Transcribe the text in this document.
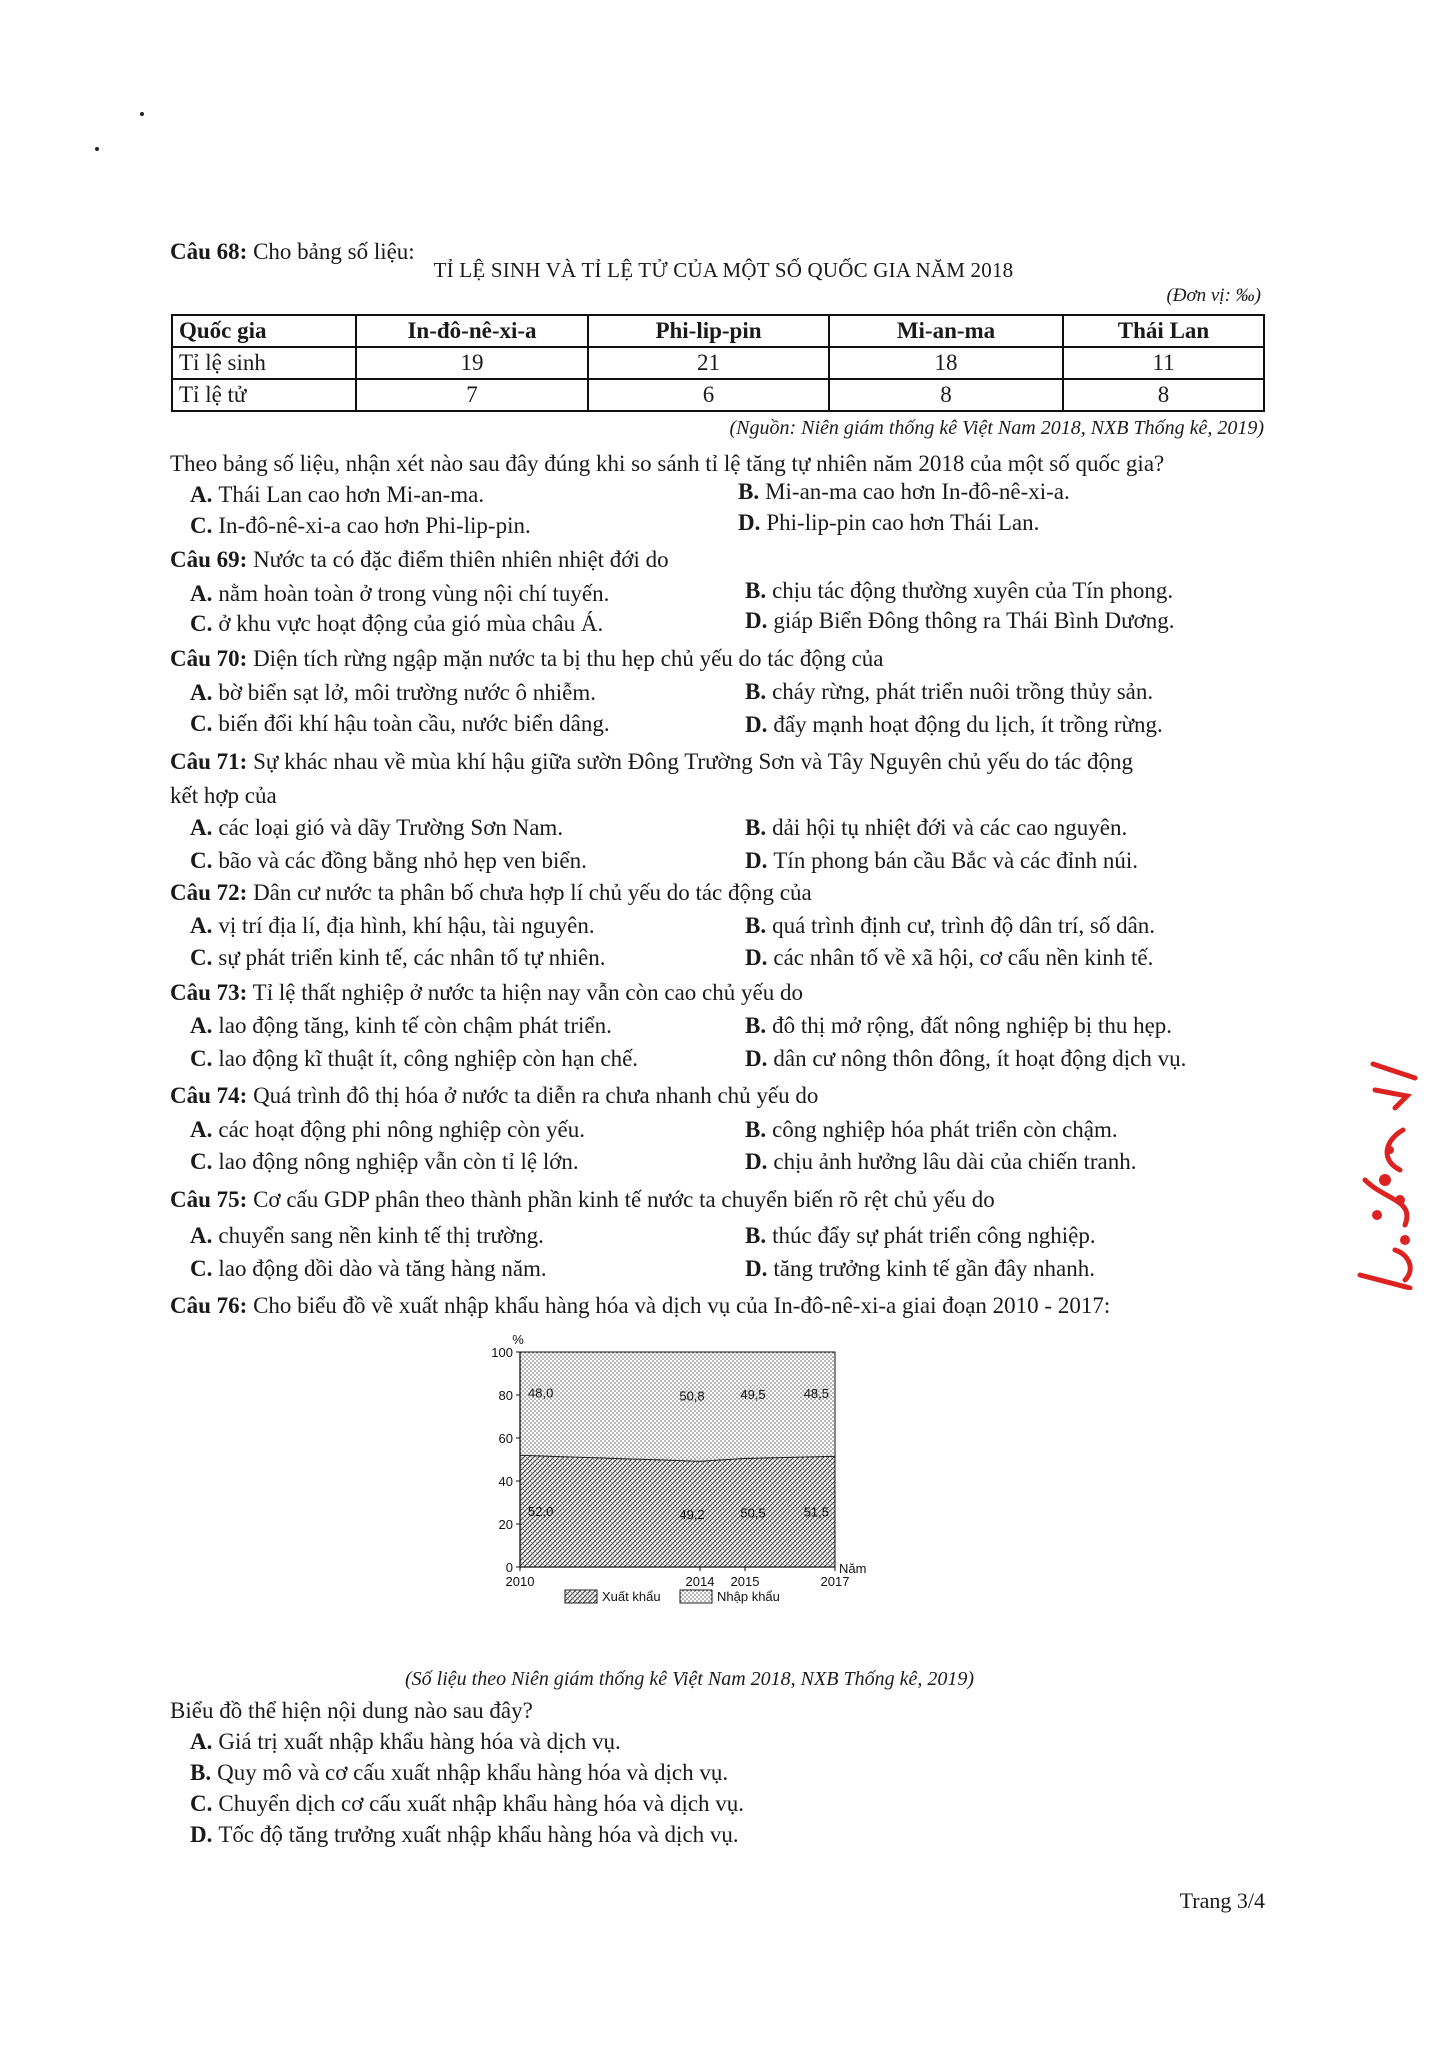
Câu 68: Cho bảng số liệu:
TỈ LỆ SINH VÀ TỈ LỆ TỬ CỦA MỘT SỐ QUỐC GIA NĂM 2018
(Đơn vị: ‰)
Quốc gia	In-đô-nê-xi-a	Phi-lip-pin	Mi-an-ma	Thái Lan
Tỉ lệ sinh	19	21	18	11
Tỉ lệ tử	7	6	8	8
(Nguồn: Niên giám thống kê Việt Nam 2018, NXB Thống kê, 2019)
Theo bảng số liệu, nhận xét nào sau đây đúng khi so sánh tỉ lệ tăng tự nhiên năm 2018 của một số quốc gia?
A. Thái Lan cao hơn Mi-an-ma.	B. Mi-an-ma cao hơn In-đô-nê-xi-a.
C. In-đô-nê-xi-a cao hơn Phi-lip-pin.	D. Phi-lip-pin cao hơn Thái Lan.
Câu 69: Nước ta có đặc điểm thiên nhiên nhiệt đới do
A. nằm hoàn toàn ở trong vùng nội chí tuyến.	B. chịu tác động thường xuyên của Tín phong.
C. ở khu vực hoạt động của gió mùa châu Á.	D. giáp Biển Đông thông ra Thái Bình Dương.
Câu 70: Diện tích rừng ngập mặn nước ta bị thu hẹp chủ yếu do tác động của
A. bờ biển sạt lở, môi trường nước ô nhiễm.	B. cháy rừng, phát triển nuôi trồng thủy sản.
C. biến đổi khí hậu toàn cầu, nước biển dâng.	D. đẩy mạnh hoạt động du lịch, ít trồng rừng.
Câu 71: Sự khác nhau về mùa khí hậu giữa sườn Đông Trường Sơn và Tây Nguyên chủ yếu do tác động
kết hợp của
A. các loại gió và dãy Trường Sơn Nam.	B. dải hội tụ nhiệt đới và các cao nguyên.
C. bão và các đồng bằng nhỏ hẹp ven biển.	D. Tín phong bán cầu Bắc và các đỉnh núi.
Câu 72: Dân cư nước ta phân bố chưa hợp lí chủ yếu do tác động của
A. vị trí địa lí, địa hình, khí hậu, tài nguyên.	B. quá trình định cư, trình độ dân trí, số dân.
C. sự phát triển kinh tế, các nhân tố tự nhiên.	D. các nhân tố về xã hội, cơ cấu nền kinh tế.
Câu 73: Tỉ lệ thất nghiệp ở nước ta hiện nay vẫn còn cao chủ yếu do
A. lao động tăng, kinh tế còn chậm phát triển.	B. đô thị mở rộng, đất nông nghiệp bị thu hẹp.
C. lao động kĩ thuật ít, công nghiệp còn hạn chế.	D. dân cư nông thôn đông, ít hoạt động dịch vụ.
Câu 74: Quá trình đô thị hóa ở nước ta diễn ra chưa nhanh chủ yếu do
A. các hoạt động phi nông nghiệp còn yếu.	B. công nghiệp hóa phát triển còn chậm.
C. lao động nông nghiệp vẫn còn tỉ lệ lớn.	D. chịu ảnh hưởng lâu dài của chiến tranh.
Câu 75: Cơ cấu GDP phân theo thành phần kinh tế nước ta chuyển biến rõ rệt chủ yếu do
A. chuyển sang nền kinh tế thị trường.	B. thúc đẩy sự phát triển công nghiệp.
C. lao động dồi dào và tăng hàng năm.	D. tăng trưởng kinh tế gần đây nhanh.
Câu 76: Cho biểu đồ về xuất nhập khẩu hàng hóa và dịch vụ của In-đô-nê-xi-a giai đoạn 2010 - 2017:
0
20
40
60
80
100
%
Năm
2010	2014 2015	2017
52,0
48,0
49,2
50,8
50,5
49,5
51,5
48,5
Xuất khẩu	Nhập khẩu
(Số liệu theo Niên giám thống kê Việt Nam 2018, NXB Thống kê, 2019)
Biểu đồ thể hiện nội dung nào sau đây?
A. Giá trị xuất nhập khẩu hàng hóa và dịch vụ.
B. Quy mô và cơ cấu xuất nhập khẩu hàng hóa và dịch vụ.
C. Chuyển dịch cơ cấu xuất nhập khẩu hàng hóa và dịch vụ.
D. Tốc độ tăng trưởng xuất nhập khẩu hàng hóa và dịch vụ.
Trang 3/4
